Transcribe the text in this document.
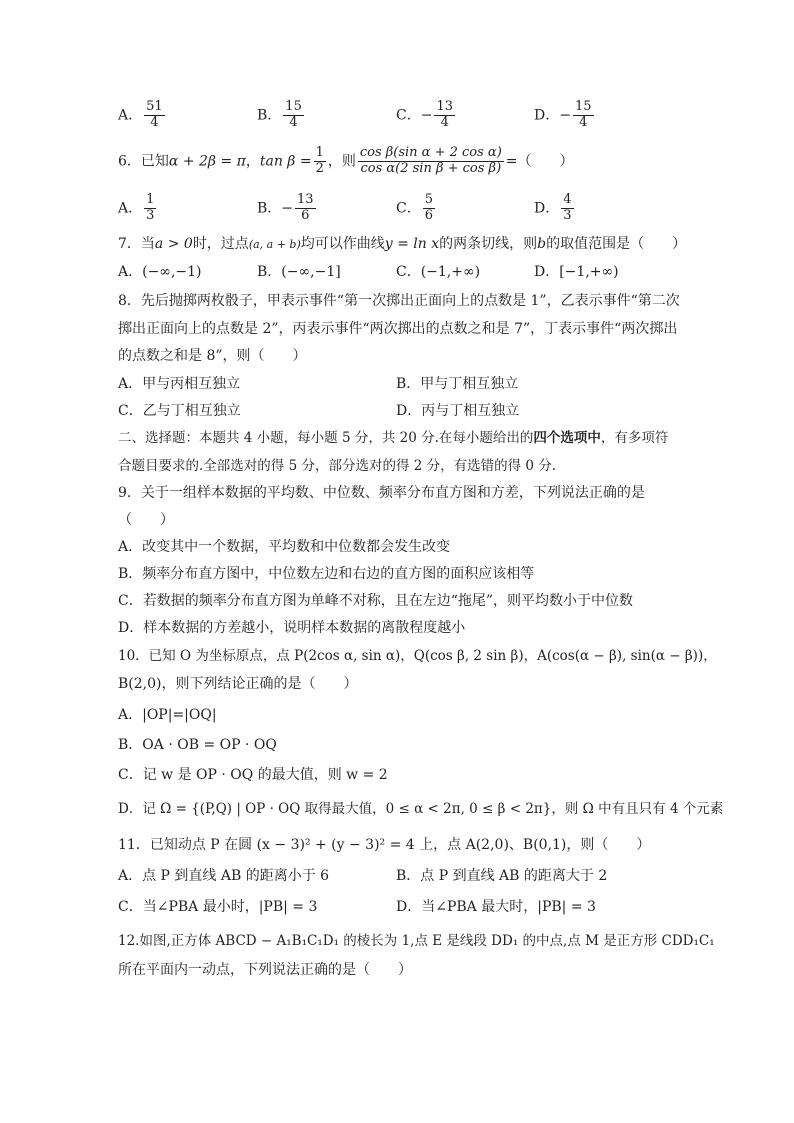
A． $\frac{51}{4}$	B． $\frac{15}{4}$	C．− $\frac{13}{4}$	D．− $\frac{15}{4}$
6．已知α + 2β = π，$\tan \beta = \frac{1}{2}$ ，则 $\frac{\text{cos β(sin α + 2 cos α)}}{\text{cos α(2 sin β + cos β)}}$ =（　　）
A． $\frac{1}{3}$	B．− $\frac{13}{6}$	C． $\frac{5}{6}$	D． $\frac{4}{3}$
7．当a > 0时，过点(a, a + b)均可以作曲线y = ln x的两条切线，则b的取值范围是（　　）
A．(−∞,−1)	B．(−∞,−1]	C．(−1,+∞)	D．[−1,+∞)
8．先后抛掷两枚骰子，甲表示事件“第一次掷出正面向上的点数是 1”，乙表示事件“第二次
掷出正面向上的点数是 2”，丙表示事件“两次掷出的点数之和是 7”，丁表示事件“两次掷出
的点数之和是 8”，则（　　）
A．甲与丙相互独立	B．甲与丁相互独立
C．乙与丁相互独立	D．丙与丁相互独立
二、选择题：本题共 4 小题，每小题 5 分，共 20 分.在每小题给出的四个选项中，有多项符
合题目要求的.全部选对的得 5 分，部分选对的得 2 分，有选错的得 0 分.
9．关于一组样本数据的平均数、中位数、频率分布直方图和方差，下列说法正确的是
（　　）
A．改变其中一个数据，平均数和中位数都会发生改变
B．频率分布直方图中，中位数左边和右边的直方图的面积应该相等
C．若数据的频率分布直方图为单峰不对称，且在左边“拖尾”，则平均数小于中位数
D．样本数据的方差越小，说明样本数据的离散程度越小
10．已知 O 为坐标原点，点 P(2cos α, sin α)，Q(cos β, 2 sin β)，A(cos(α − β), sin(α − β))，
B(2,0)，则下列结论正确的是（　　）
A．|OP|=|OQ|
B．OA · OB = OP · OQ
C．记 w 是 OP · OQ 的最大值，则 w = 2
D．记 Ω = {(P,Q) | OP · OQ 取得最大值，0 ≤ α < 2π, 0 ≤ β < 2π}，则 Ω 中有且只有 4 个元素
11．已知动点 P 在圆 (x − 3)² + (y − 3)² = 4 上，点 A(2,0)、B(0,1)，则（　　）
A．点 P 到直线 AB 的距离小于 6	B．点 P 到直线 AB 的距离大于 2
C．当∠PBA 最小时，|PB| = 3	D．当∠PBA 最大时，|PB| = 3
12.如图,正方体 ABCD − A₁B₁C₁D₁ 的棱长为 1,点 E 是线段 DD₁ 的中点,点 M 是正方形 CDD₁C₁
所在平面内一动点，下列说法正确的是（　　）
